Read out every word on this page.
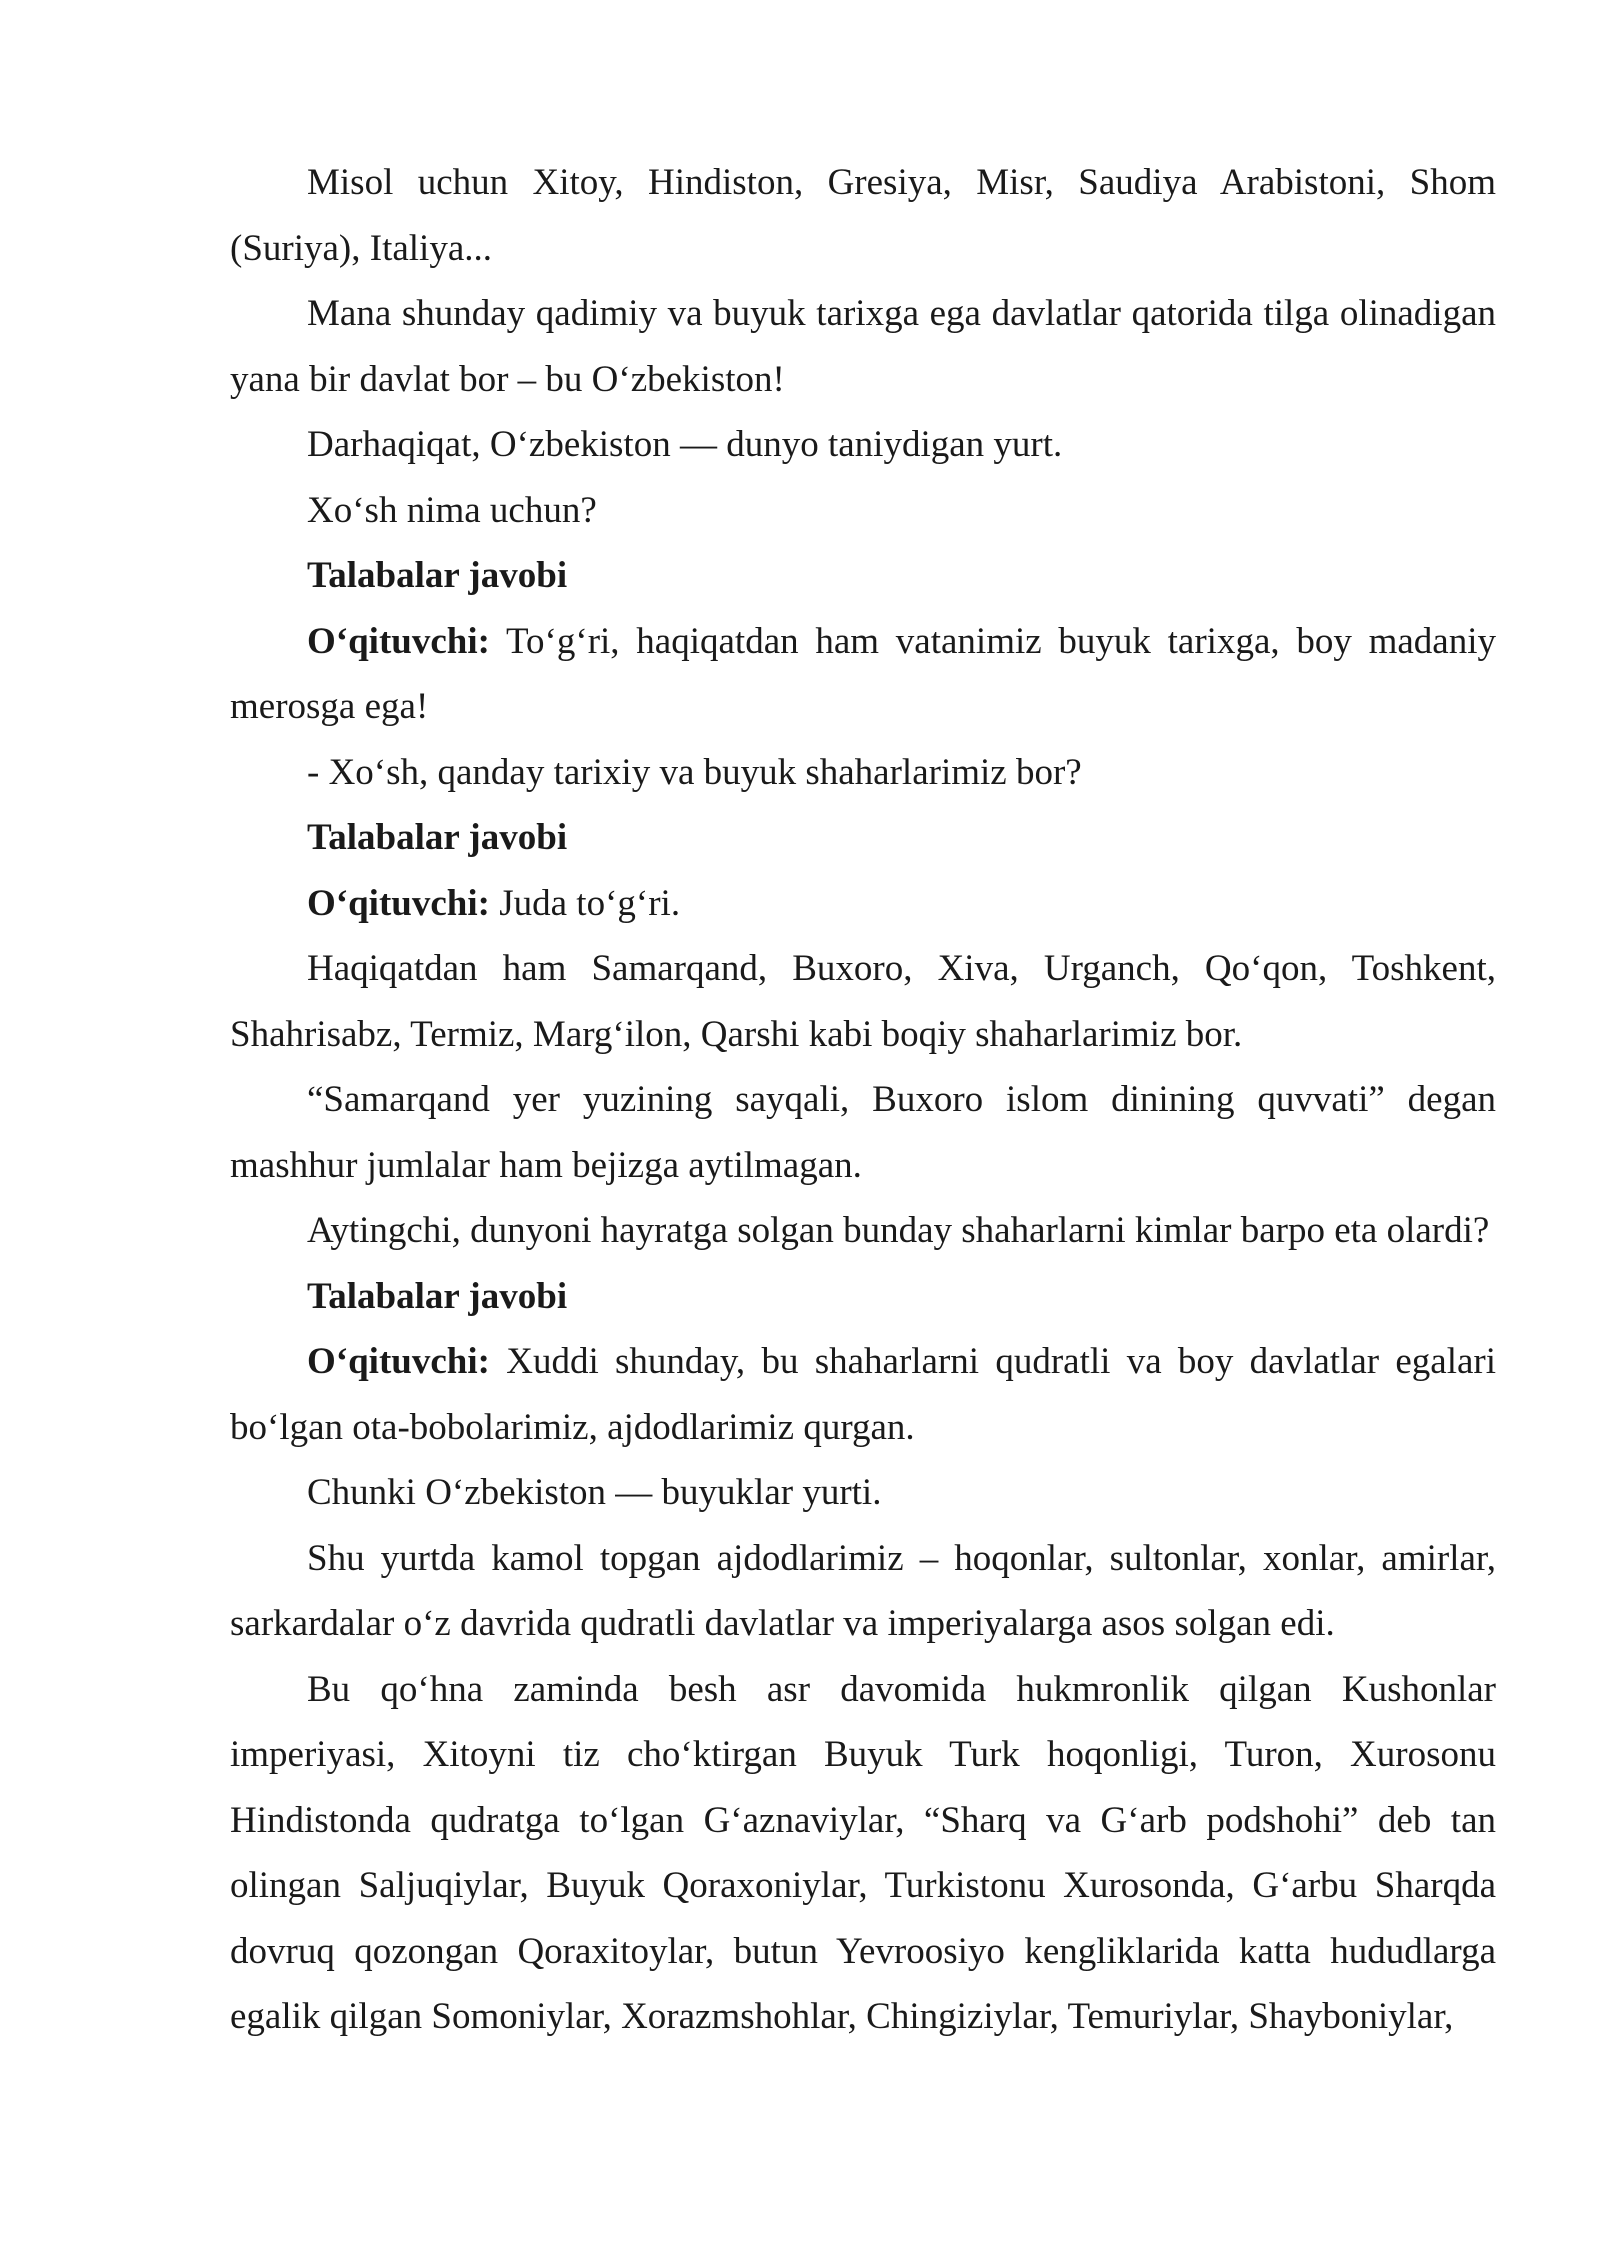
Misol uchun Xitoy, Hindiston, Gresiya, Misr, Saudiya Arabistoni, Shom (Suriya), Italiya...

Mana shunday qadimiy va buyuk tarixga ega davlatlar qatorida tilga olinadigan yana bir davlat bor – bu O‘zbekiston!

Darhaqiqat, O‘zbekiston — dunyo taniydigan yurt.

Xo‘sh nima uchun?

Talabalar javobi

O‘qituvchi: To‘g‘ri, haqiqatdan ham vatanimiz buyuk tarixga, boy madaniy merosga ega!

- Xo‘sh, qanday tarixiy va buyuk shaharlarimiz bor?

Talabalar javobi

O‘qituvchi: Juda to‘g‘ri.

Haqiqatdan ham Samarqand, Buxoro, Xiva, Urganch, Qo‘qon, Toshkent, Shahrisabz, Termiz, Marg‘ilon, Qarshi kabi boqiy shaharlarimiz bor.

“Samarqand yer yuzining sayqali, Buxoro islom dinining quvvati” degan mashhur jumlalar ham bejizga aytilmagan.

Aytingchi, dunyoni hayratga solgan bunday shaharlarni kimlar barpo eta olardi?

Talabalar javobi

O‘qituvchi: Xuddi shunday, bu shaharlarni qudratli va boy davlatlar egalari bo‘lgan ota-bobolarimiz, ajdodlarimiz qurgan.

Chunki O‘zbekiston — buyuklar yurti.

Shu yurtda kamol topgan ajdodlarimiz – hoqonlar, sultonlar, xonlar, amirlar, sarkardalar o‘z davrida qudratli davlatlar va imperiyalarga asos solgan edi.

Bu qo‘hna zaminda besh asr davomida hukmronlik qilgan Kushonlar imperiyasi, Xitoyni tiz cho‘ktirgan Buyuk Turk hoqonligi, Turon, Xurosonu Hindistonda qudratga to‘lgan G‘aznaviylar, “Sharq va G‘arb podshohi” deb tan olingan Saljuqiylar, Buyuk Qoraxoniylar, Turkistonu Xurosonda, G‘arbu Sharqda dovruq qozongan Qoraxitoylar, butun Yevroosiyo kengliklarida katta hududlarga egalik qilgan Somoniylar, Xorazmshohlar, Chingiziylar, Temuriylar, Shayboniylar,
